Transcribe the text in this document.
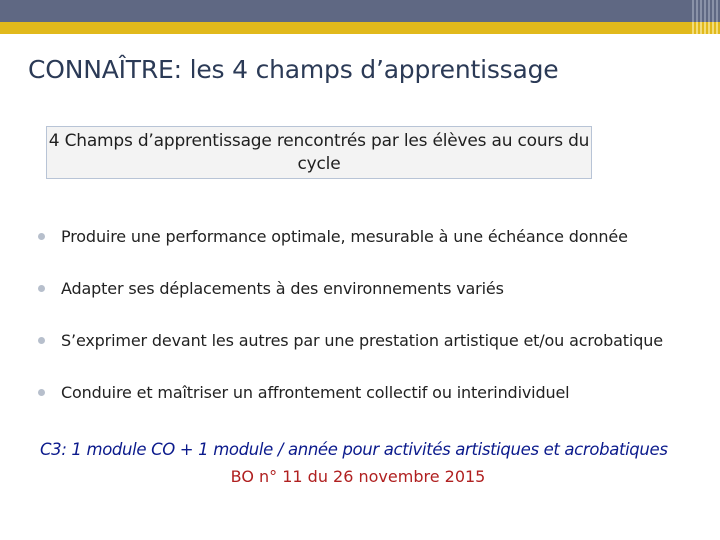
CONNAÎTRE: les 4 champs d’apprentissage
4 Champs d’apprentissage rencontrés par les élèves au cours du cycle
Produire une performance optimale, mesurable à une échéance donnée
Adapter ses déplacements à des environnements variés
S’exprimer devant les autres par une prestation artistique et/ou acrobatique
Conduire et maîtriser un affrontement collectif ou interindividuel
C3: 1 module CO + 1 module / année pour activités artistiques et acrobatiques
BO n° 11 du 26 novembre 2015
